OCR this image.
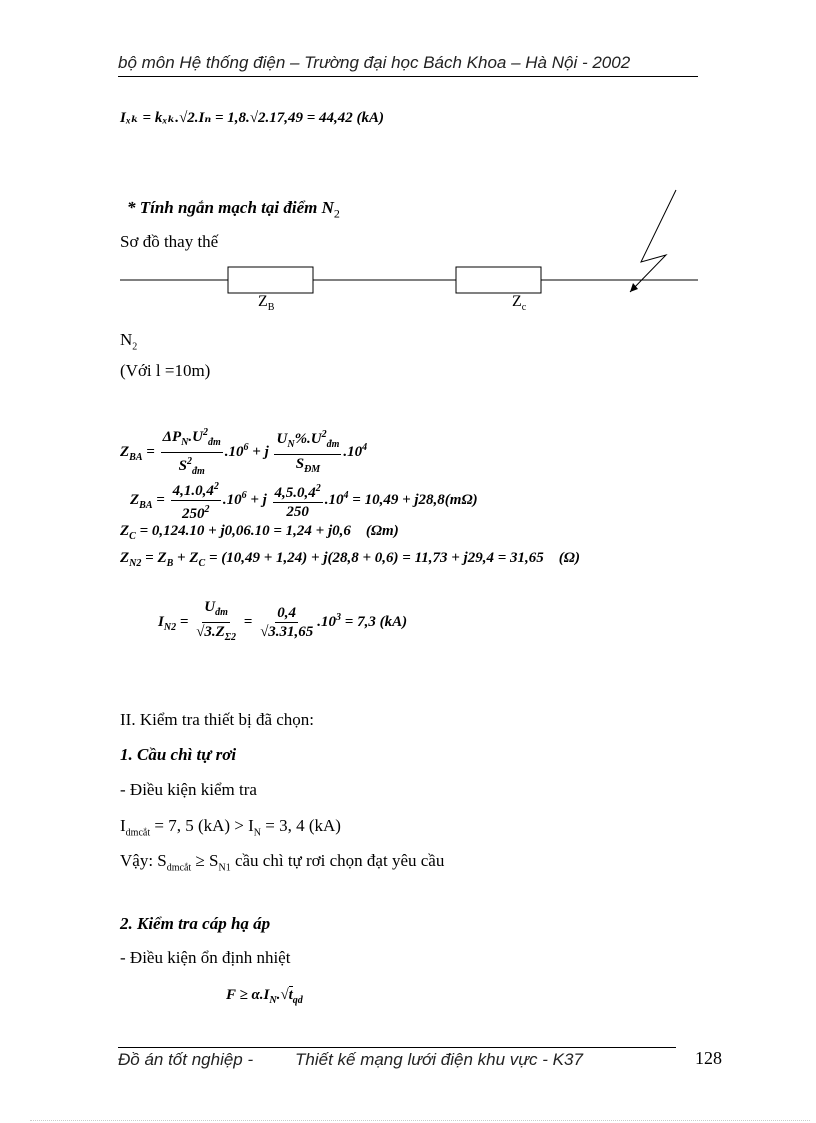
bộ môn Hệ thống điện – Trường đại học Bách Khoa – Hà Nội - 2002
Iₓₖ = kₓₖ.√2.Iₙ = 1,8.√2.17,49 = 44,42 (kA)
* Tính ngắn mạch tại điểm $N_2$
Sơ đồ thay thế
$Z_B$	$Z_c$
$N_2$
(Với l =10m)
$Z_{BA} = \frac{\Delta P_N.U^2_{đm}}{S^2_{đm}} .10^6 + j \frac{U_N\%.U^2_{đm}}{S_{ĐM}} .10^4$
$Z_{BA} = \frac{4,1.0,4^2}{250^2} .10^6 + j \frac{4,5.0,4^2}{250} .10^4 = 10,49 + j28,8(m\Omega)$
$Z_C = 0,124.10 + j0,06.10 = 1,24 + j0,6$    (Ωm)
$Z_{N2} = Z_B + Z_C = (10,49 + 1,24) + j(28,8 + 0,6) = 11,73 + j29,4 = 31,65$    (Ω)
$I_{N2} = \frac{U_{đm}}{√3.Z_{\Sigma 2}} = \frac{0,4}{√3.31,65} .10^3 = 7,3$ (kA)
II. Kiểm tra thiết bị đã chọn:
1. Cầu chì tự rơi
- Điều kiện kiểm tra
$I_{dmcắt} = 7$, 5 $(kA) > I_N = 3$, 4 (kA)
Vậy: $S_{dmcắt} \ge S_{N1}$ cầu chì tự rơi chọn đạt yêu cầu
2. Kiểm tra cáp hạ áp
- Điều kiện ổn định nhiệt
$F \ge \alpha.I_N.√t_{qd}$
Đồ án tốt nghiệp - Thiết kế mạng lưới điện khu vực - K37	128
